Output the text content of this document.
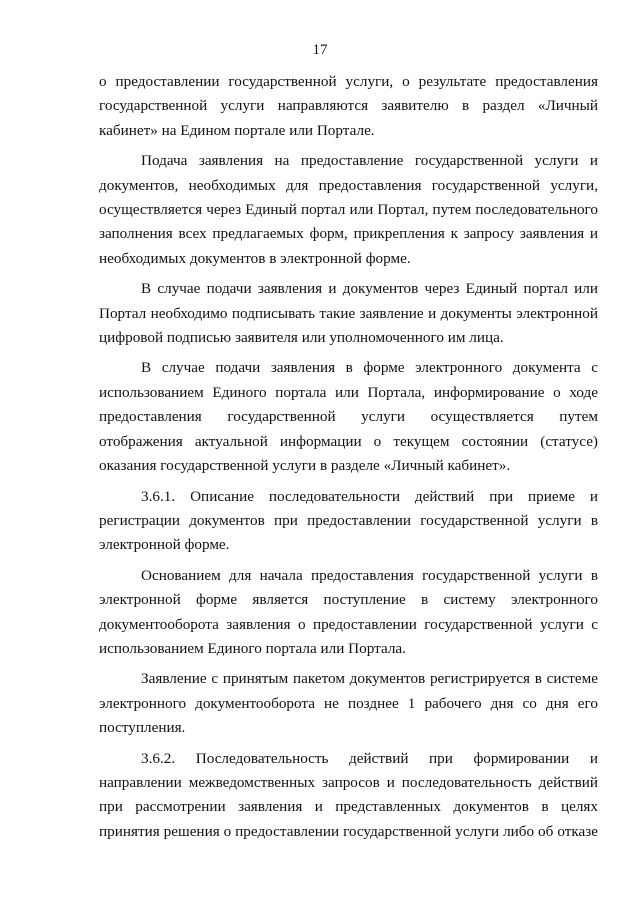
17

о предоставлении государственной услуги, о результате предоставления государственной услуги направляются заявителю в раздел «Личный кабинет» на Едином портале или Портале.

Подача заявления на предоставление государственной услуги и документов, необходимых для предоставления государственной услуги, осуществляется через Единый портал или Портал, путем последовательного заполнения всех предлагаемых форм, прикрепления к запросу заявления и необходимых документов в электронной форме.

В случае подачи заявления и документов через Единый портал или Портал необходимо подписывать такие заявление и документы электронной цифровой подписью заявителя или уполномоченного им лица.

В случае подачи заявления в форме электронного документа с использованием Единого портала или Портала, информирование о ходе предоставления государственной услуги осуществляется путем отображения актуальной информации о текущем состоянии (статусе) оказания государственной услуги в разделе «Личный кабинет».

3.6.1. Описание последовательности действий при приеме и регистрации документов при предоставлении государственной услуги в электронной форме.

Основанием для начала предоставления государственной услуги в электронной форме является поступление в систему электронного документооборота заявления о предоставлении государственной услуги с использованием Единого портала или Портала.

Заявление с принятым пакетом документов регистрируется в системе электронного документооборота не позднее 1 рабочего дня со дня его поступления.

3.6.2. Последовательность действий при формировании и направлении межведомственных запросов и последовательность действий при рассмотрении заявления и представленных документов в целях принятия решения о предоставлении государственной услуги либо об отказе
